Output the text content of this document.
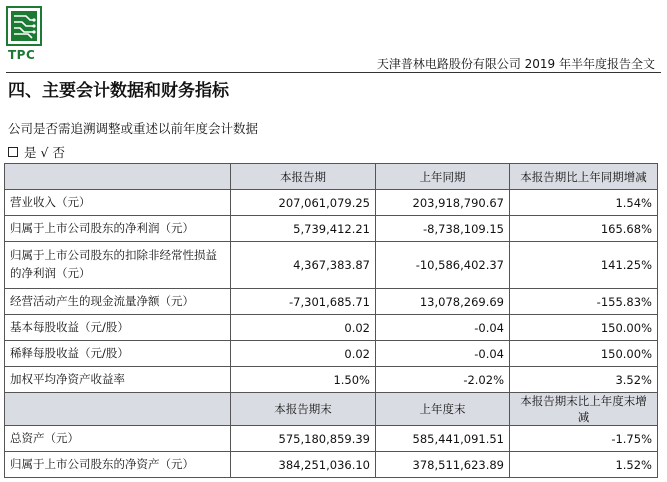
TPC
天津普林电路股份有限公司 2019 年半年度报告全文
四、主要会计数据和财务指标
公司是否需追溯调整或重述以前年度会计数据
是 √ 否
	本报告期	上年同期	本报告期比上年同期增减
营业收入（元）	207,061,079.25	203,918,790.67	1.54%
归属于上市公司股东的净利润（元）	5,739,412.21	-8,738,109.15	165.68%
归属于上市公司股东的扣除非经常性损益的净利润（元）	4,367,383.87	-10,586,402.37	141.25%
经营活动产生的现金流量净额（元）	-7,301,685.71	13,078,269.69	-155.83%
基本每股收益（元/股）	0.02	-0.04	150.00%
稀释每股收益（元/股）	0.02	-0.04	150.00%
加权平均净资产收益率	1.50%	-2.02%	3.52%
	本报告期末	上年度末	本报告期末比上年度末增减
总资产（元）	575,180,859.39	585,441,091.51	-1.75%
归属于上市公司股东的净资产（元）	384,251,036.10	378,511,623.89	1.52%
